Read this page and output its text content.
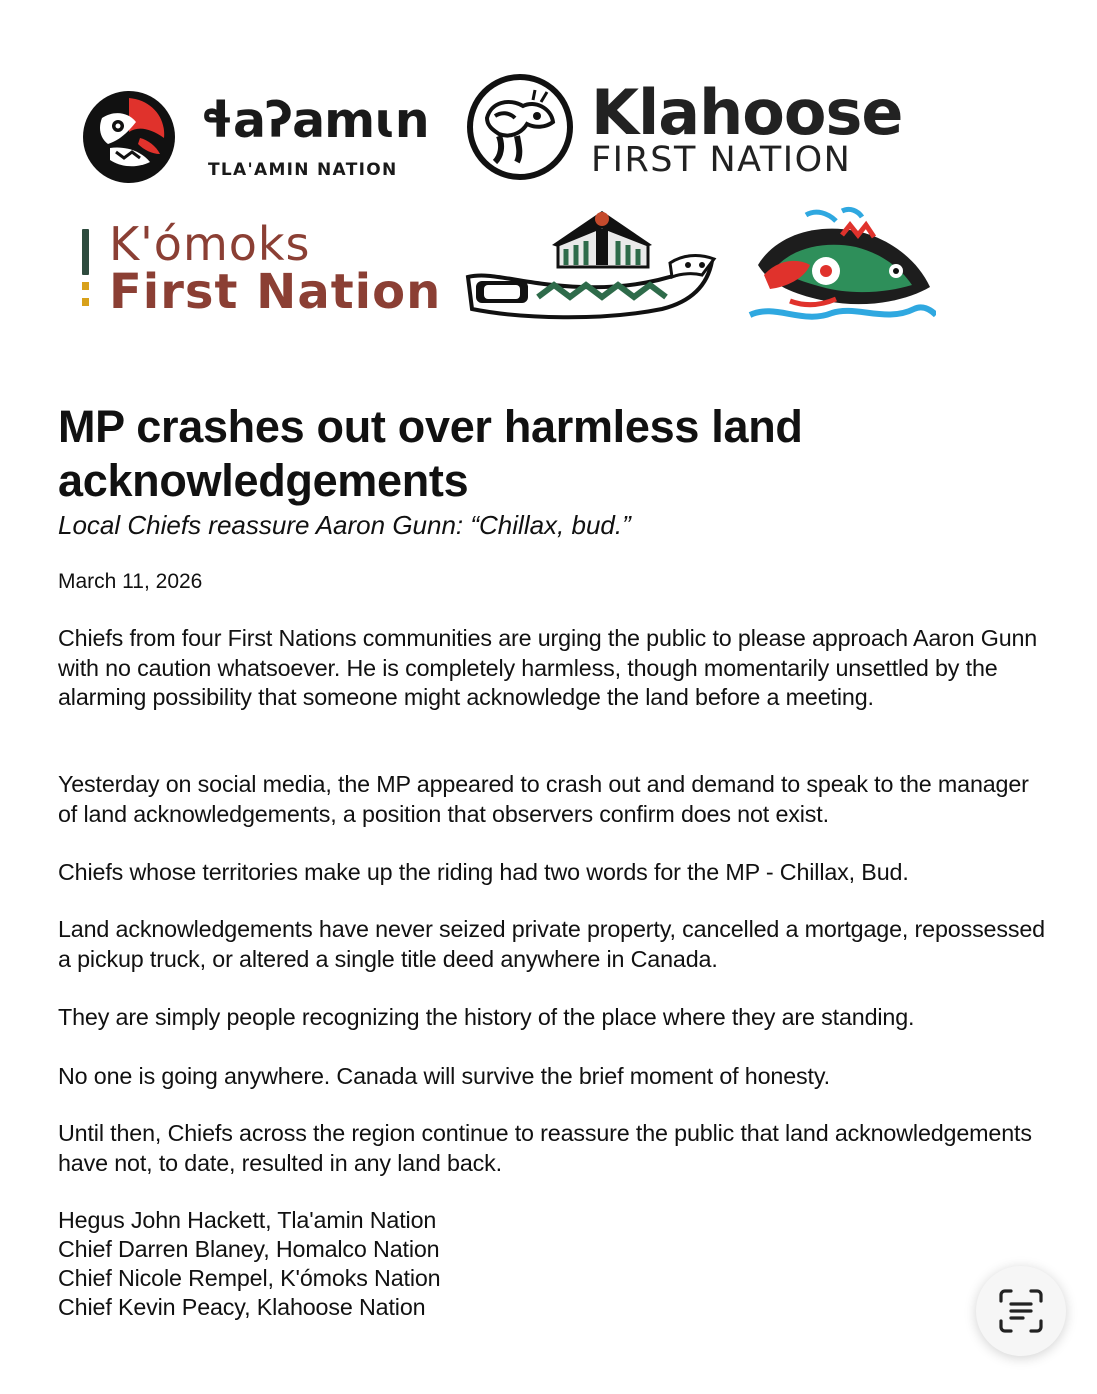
ɬaʔamɩn
TLA'AMIN NATION
Klahoose
FIRST NATION
K'ómoks
First Nation
MP crashes out over harmless land acknowledgements

Local Chiefs reassure Aaron Gunn: “Chillax, bud.”

March 11, 2026

Chiefs from four First Nations communities are urging the public to please approach Aaron Gunn with no caution whatsoever. He is completely harmless, though momentarily unsettled by the alarming possibility that someone might acknowledge the land before a meeting.

Yesterday on social media, the MP appeared to crash out and demand to speak to the manager of land acknowledgements, a position that observers confirm does not exist.

Chiefs whose territories make up the riding had two words for the MP - Chillax, Bud.

Land acknowledgements have never seized private property, cancelled a mortgage, repossessed a pickup truck, or altered a single title deed anywhere in Canada.

They are simply people recognizing the history of the place where they are standing.

No one is going anywhere. Canada will survive the brief moment of honesty.

Until then, Chiefs across the region continue to reassure the public that land acknowledgements have not, to date, resulted in any land back.

Hegus John Hackett, Tla'amin Nation
Chief Darren Blaney, Homalco Nation
Chief Nicole Rempel, K'ómoks Nation
Chief Kevin Peacy, Klahoose Nation
